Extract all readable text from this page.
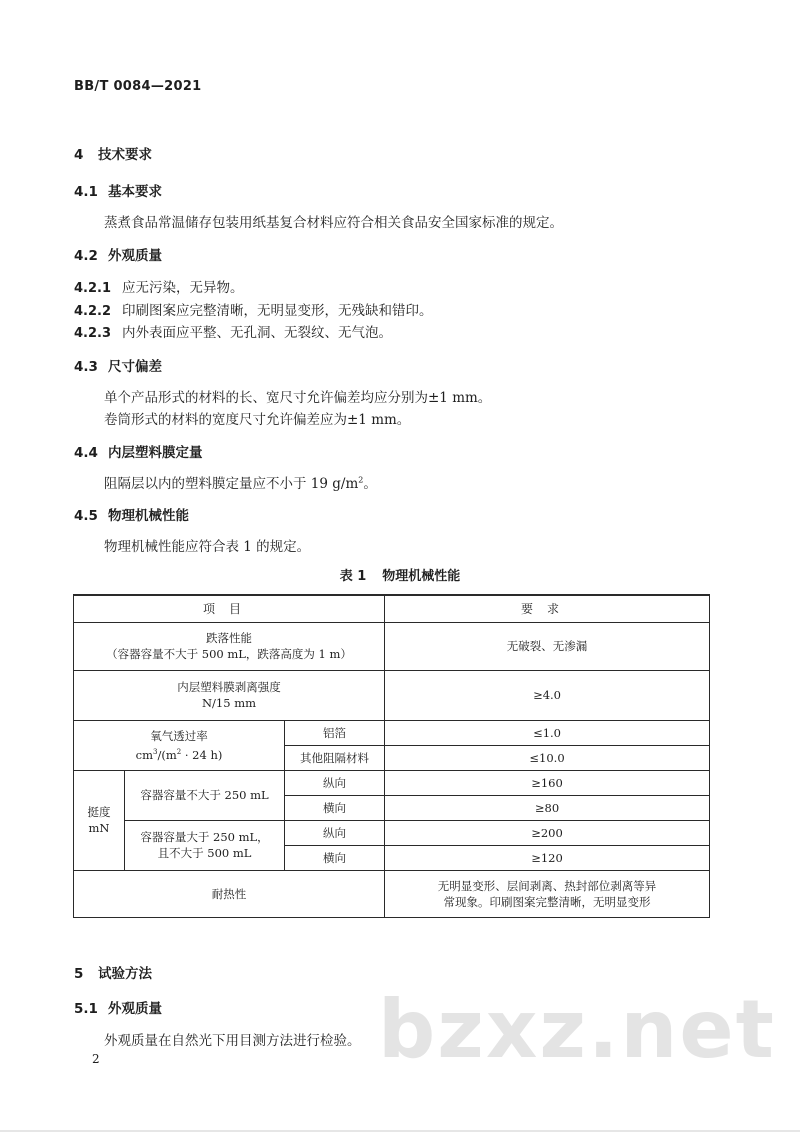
BB/T 0084—2021
4 技术要求
4.1 基本要求
蒸煮食品常温储存包装用纸基复合材料应符合相关食品安全国家标准的规定。
4.2 外观质量
4.2.1 应无污染，无异物。
4.2.2 印刷图案应完整清晰，无明显变形，无残缺和错印。
4.2.3 内外表面应平整、无孔洞、无裂纹、无气泡。
4.3 尺寸偏差
单个产品形式的材料的长、宽尺寸允许偏差均应分别为±1 mm。
卷筒形式的材料的宽度尺寸允许偏差应为±1 mm。
4.4 内层塑料膜定量
阻隔层以内的塑料膜定量应不小于 19 $g/m^2$。
4.5 物理机械性能
物理机械性能应符合表 1 的规定。
表 1 物理机械性能
项目			要求

跌落性能
（容器容量不大于 500 mL，跌落高度为 1 m）			无破裂、无渗漏

内层塑料膜剥离强度
N/15 mm			≥4.0

氧气透过率
$cm^3/(m^2 \cdot 24$ h)		铝箔	≤1.0
		其他阻隔材料	≤10.0

挺度
mN	容器容量不大于 250 mL	纵向	≥160
		横向	≥80

	容器容量大于 250 mL，
且不大于 500 mL	纵向	≥200
		横向	≥120
耐热性			无明显变形、层间剥离、热封部位剥离等异
常现象。印刷图案完整清晰，无明显变形
5 试验方法
5.1 外观质量
外观质量在自然光下用目测方法进行检验。 bzxz.net
2
